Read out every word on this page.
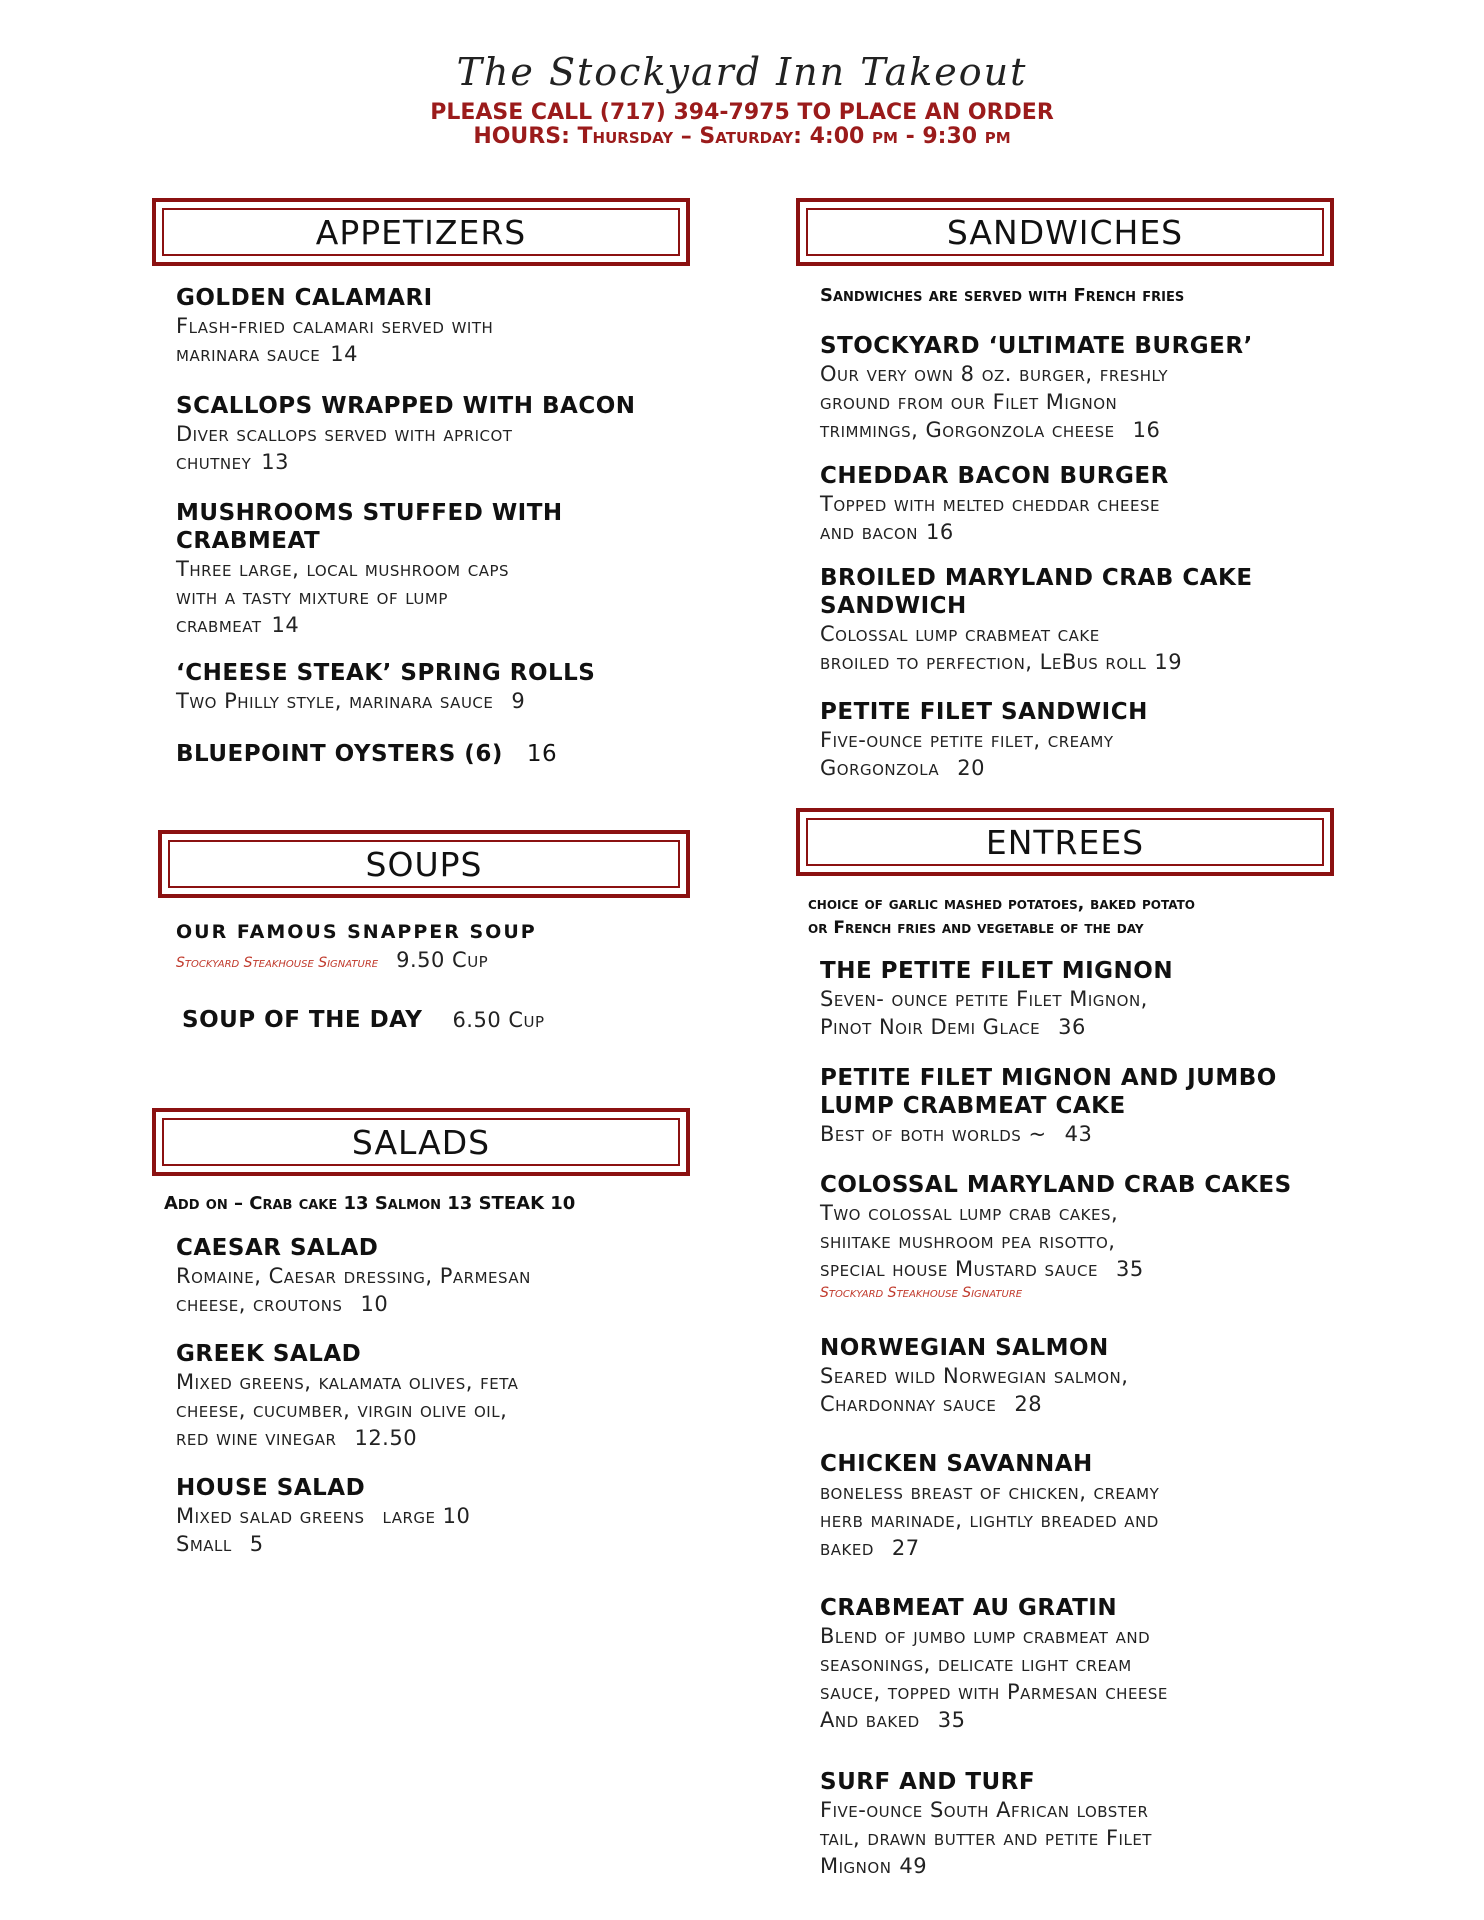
The Stockyard Inn Takeout
PLEASE CALL (717) 394-7975 TO PLACE AN ORDER
HOURS: Thursday – Saturday: 4:00 pm - 9:30 pm
APPETIZERS
GOLDEN CALAMARI
Flash-fried calamari served with
marinara sauce 14
SCALLOPS WRAPPED WITH BACON
Diver scallops served with apricot
chutney 13
MUSHROOMS STUFFED WITH
CRABMEAT
Three large, local mushroom caps
with a tasty mixture of lump
crabmeat 14
‘CHEESE STEAK’ SPRING ROLLS
Two Philly style, marinara sauce 9
BLUEPOINT OYSTERS (6) 16
SOUPS
OUR FAMOUS SNAPPER SOUP
Stockyard Steakhouse Signature 9.50 Cup
SOUP OF THE DAY 6.50 Cup
SALADS
Add on – Crab cake 13 Salmon 13 STEAK 10
CAESAR SALAD
Romaine, Caesar dressing, Parmesan
cheese, croutons 10
GREEK SALAD
Mixed greens, kalamata olives, feta
cheese, cucumber, virgin olive oil,
red wine vinegar 12.50
HOUSE SALAD
Mixed salad greens large 10
Small 5
SANDWICHES
Sandwiches are served with French fries
STOCKYARD ‘ULTIMATE BURGER’
Our very own 8 oz. burger, freshly
ground from our Filet Mignon
trimmings, Gorgonzola cheese 16
CHEDDAR BACON BURGER
Topped with melted cheddar cheese
and bacon 16
BROILED MARYLAND CRAB CAKE
SANDWICH
Colossal lump crabmeat cake
broiled to perfection, LeBus roll 19
PETITE FILET SANDWICH
Five-ounce petite filet, creamy
Gorgonzola 20
ENTREES
choice of garlic mashed potatoes, baked potato
or French fries and vegetable of the day
THE PETITE FILET MIGNON
Seven- ounce petite Filet Mignon,
Pinot Noir Demi Glace 36
PETITE FILET MIGNON AND JUMBO
LUMP CRABMEAT CAKE
Best of both worlds ~ 43
COLOSSAL MARYLAND CRAB CAKES
Two colossal lump crab cakes,
shiitake mushroom pea risotto,
special house Mustard sauce 35
Stockyard Steakhouse Signature
NORWEGIAN SALMON
Seared wild Norwegian salmon,
Chardonnay sauce 28
CHICKEN SAVANNAH
boneless breast of chicken, creamy
herb marinade, lightly breaded and
baked 27
CRABMEAT AU GRATIN
Blend of jumbo lump crabmeat and
seasonings, delicate light cream
sauce, topped with Parmesan cheese
And baked 35
SURF AND TURF
Five-ounce South African lobster
tail, drawn butter and petite Filet
Mignon 49
